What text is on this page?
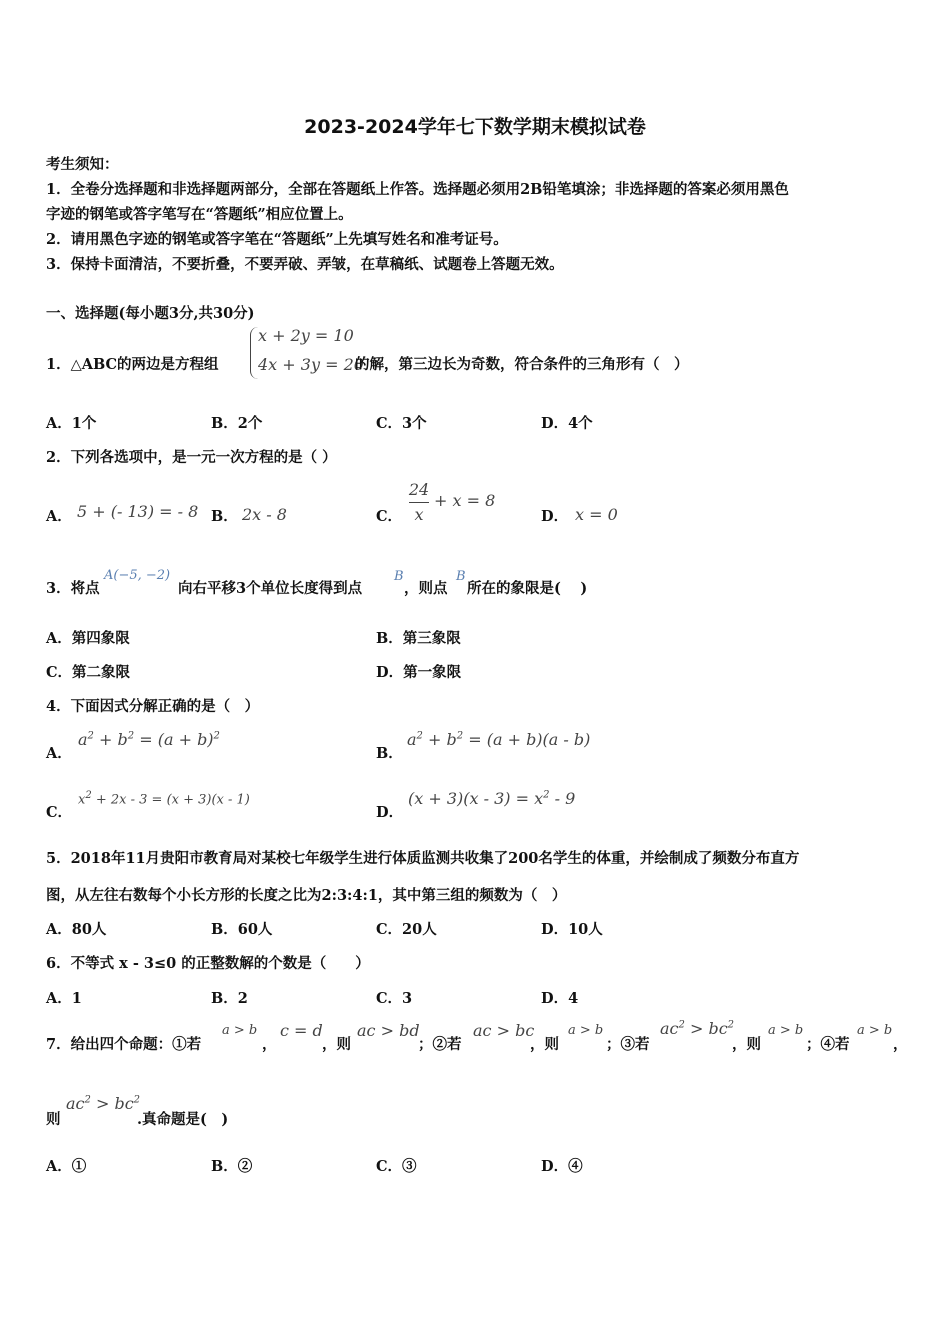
2023-2024学年七下数学期末模拟试卷
考生须知：
1．全卷分选择题和非选择题两部分，全部在答题纸上作答。选择题必须用2B铅笔填涂；非选择题的答案必须用黑色
字迹的钢笔或答字笔写在“答题纸”相应位置上。
2．请用黑色字迹的钢笔或答字笔在“答题纸”上先填写姓名和准考证号。
3．保持卡面清洁，不要折叠，不要弄破、弄皱，在草稿纸、试题卷上答题无效。
一、选择题(每小题3分,共30分)
1．△ABC的两边是方程组
x + 2y = 10
4x + 3y = 20
的解，第三边长为奇数，符合条件的三角形有（　）
A．1个	B．2个	C．3个	D．4个
2．下列各选项中，是一元一次方程的是（ ）
A． 5 + (- 13) = - 8 B． 2x - 8	C．
24
x
+ x = 8
D． x = 0
3．将点
A(−5, −2)
向右平移3个单位长度得到点
B
，则点
B
所在的象限是(　 )
A．第四象限	B．第三象限
C．第二象限	D．第一象限
4．下面因式分解正确的是（　）
A．
$a^2 + b^2 = (a + b)^2$
B．
$a^2 + b^2 = (a + b)(a - b)$
C．
$x^2 + 2x - 3 = (x + 3)(x - 1)$
D．
$(x + 3)(x - 3) = x^2 - 9$
5．2018年11月贵阳市教育局对某校七年级学生进行体质监测共收集了200名学生的体重，并绘制成了频数分布直方
图，从左往右数每个小长方形的长度之比为2:3:4:1，其中第三组的频数为（　）
A．80人	B．60人	C．20人	D．10人
6．不等式 x - 3≤0 的正整数解的个数是（　　）
A．1	B．2	C．3	D．4
7．给出四个命题：①若
a > b
，
c = d
，则
ac > bd
；②若
ac > bc
，则
a > b
；③若
$ac^2 > bc^2$
，则
a > b
；④若
a > b
，
则
$ac^2 > bc^2$
.真命题是(　)
A．①	B．②	C．③	D．④
